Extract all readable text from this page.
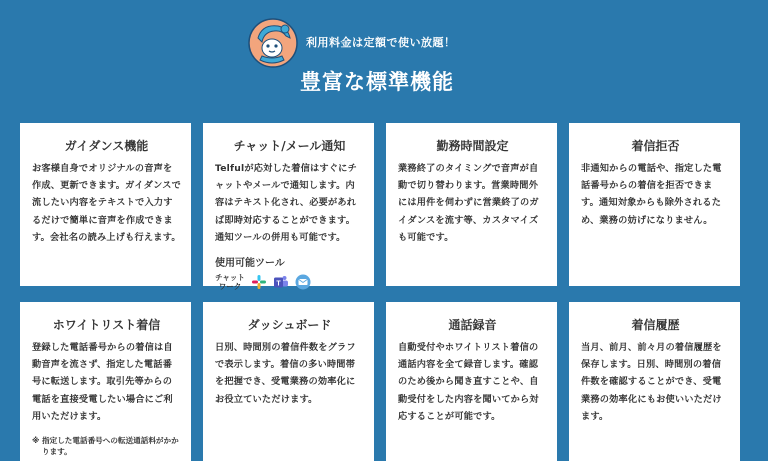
利用料金は定額で使い放題！
豊富な標準機能
ガイダンス機能
お客様自身でオリジナルの音声を作成、更新できます。ガイダンスで流したい内容をテキストで入力するだけで簡単に音声を作成できます。会社名の読み上げも行えます。
チャット/メール通知
Telfulが応対した着信はすぐにチャットやメールで通知します。内容はテキスト化され、必要があれば即時対応することができます。通知ツールの併用も可能です。
使用可能ツール
チャットワーク	T
勤務時間設定
業務終了のタイミングで音声が自動で切り替わります。営業時間外には用件を伺わずに営業終了のガイダンスを流す等、カスタマイズも可能です。
着信拒否
非通知からの電話や、指定した電話番号からの着信を拒否できます。通知対象からも除外されるため、業務の妨げになりません。
ホワイトリスト着信
登録した電話番号からの着信は自動音声を流さず、指定した電話番号に転送します。取引先等からの電話を直接受電したい場合にご利用いただけます。
※ 指定した電話番号への転送通話料がかかります。
ダッシュボード
日別、時間別の着信件数をグラフで表示します。着信の多い時間帯を把握でき、受電業務の効率化にお役立ていただけます。
通話録音
自動受付やホワイトリスト着信の通話内容を全て録音します。確認のため後から聞き直すことや、自動受付をした内容を聞いてから対応することが可能です。
着信履歴
当月、前月、前々月の着信履歴を保存します。日別、時間別の着信件数を確認することができ、受電業務の効率化にもお使いいただけます。
